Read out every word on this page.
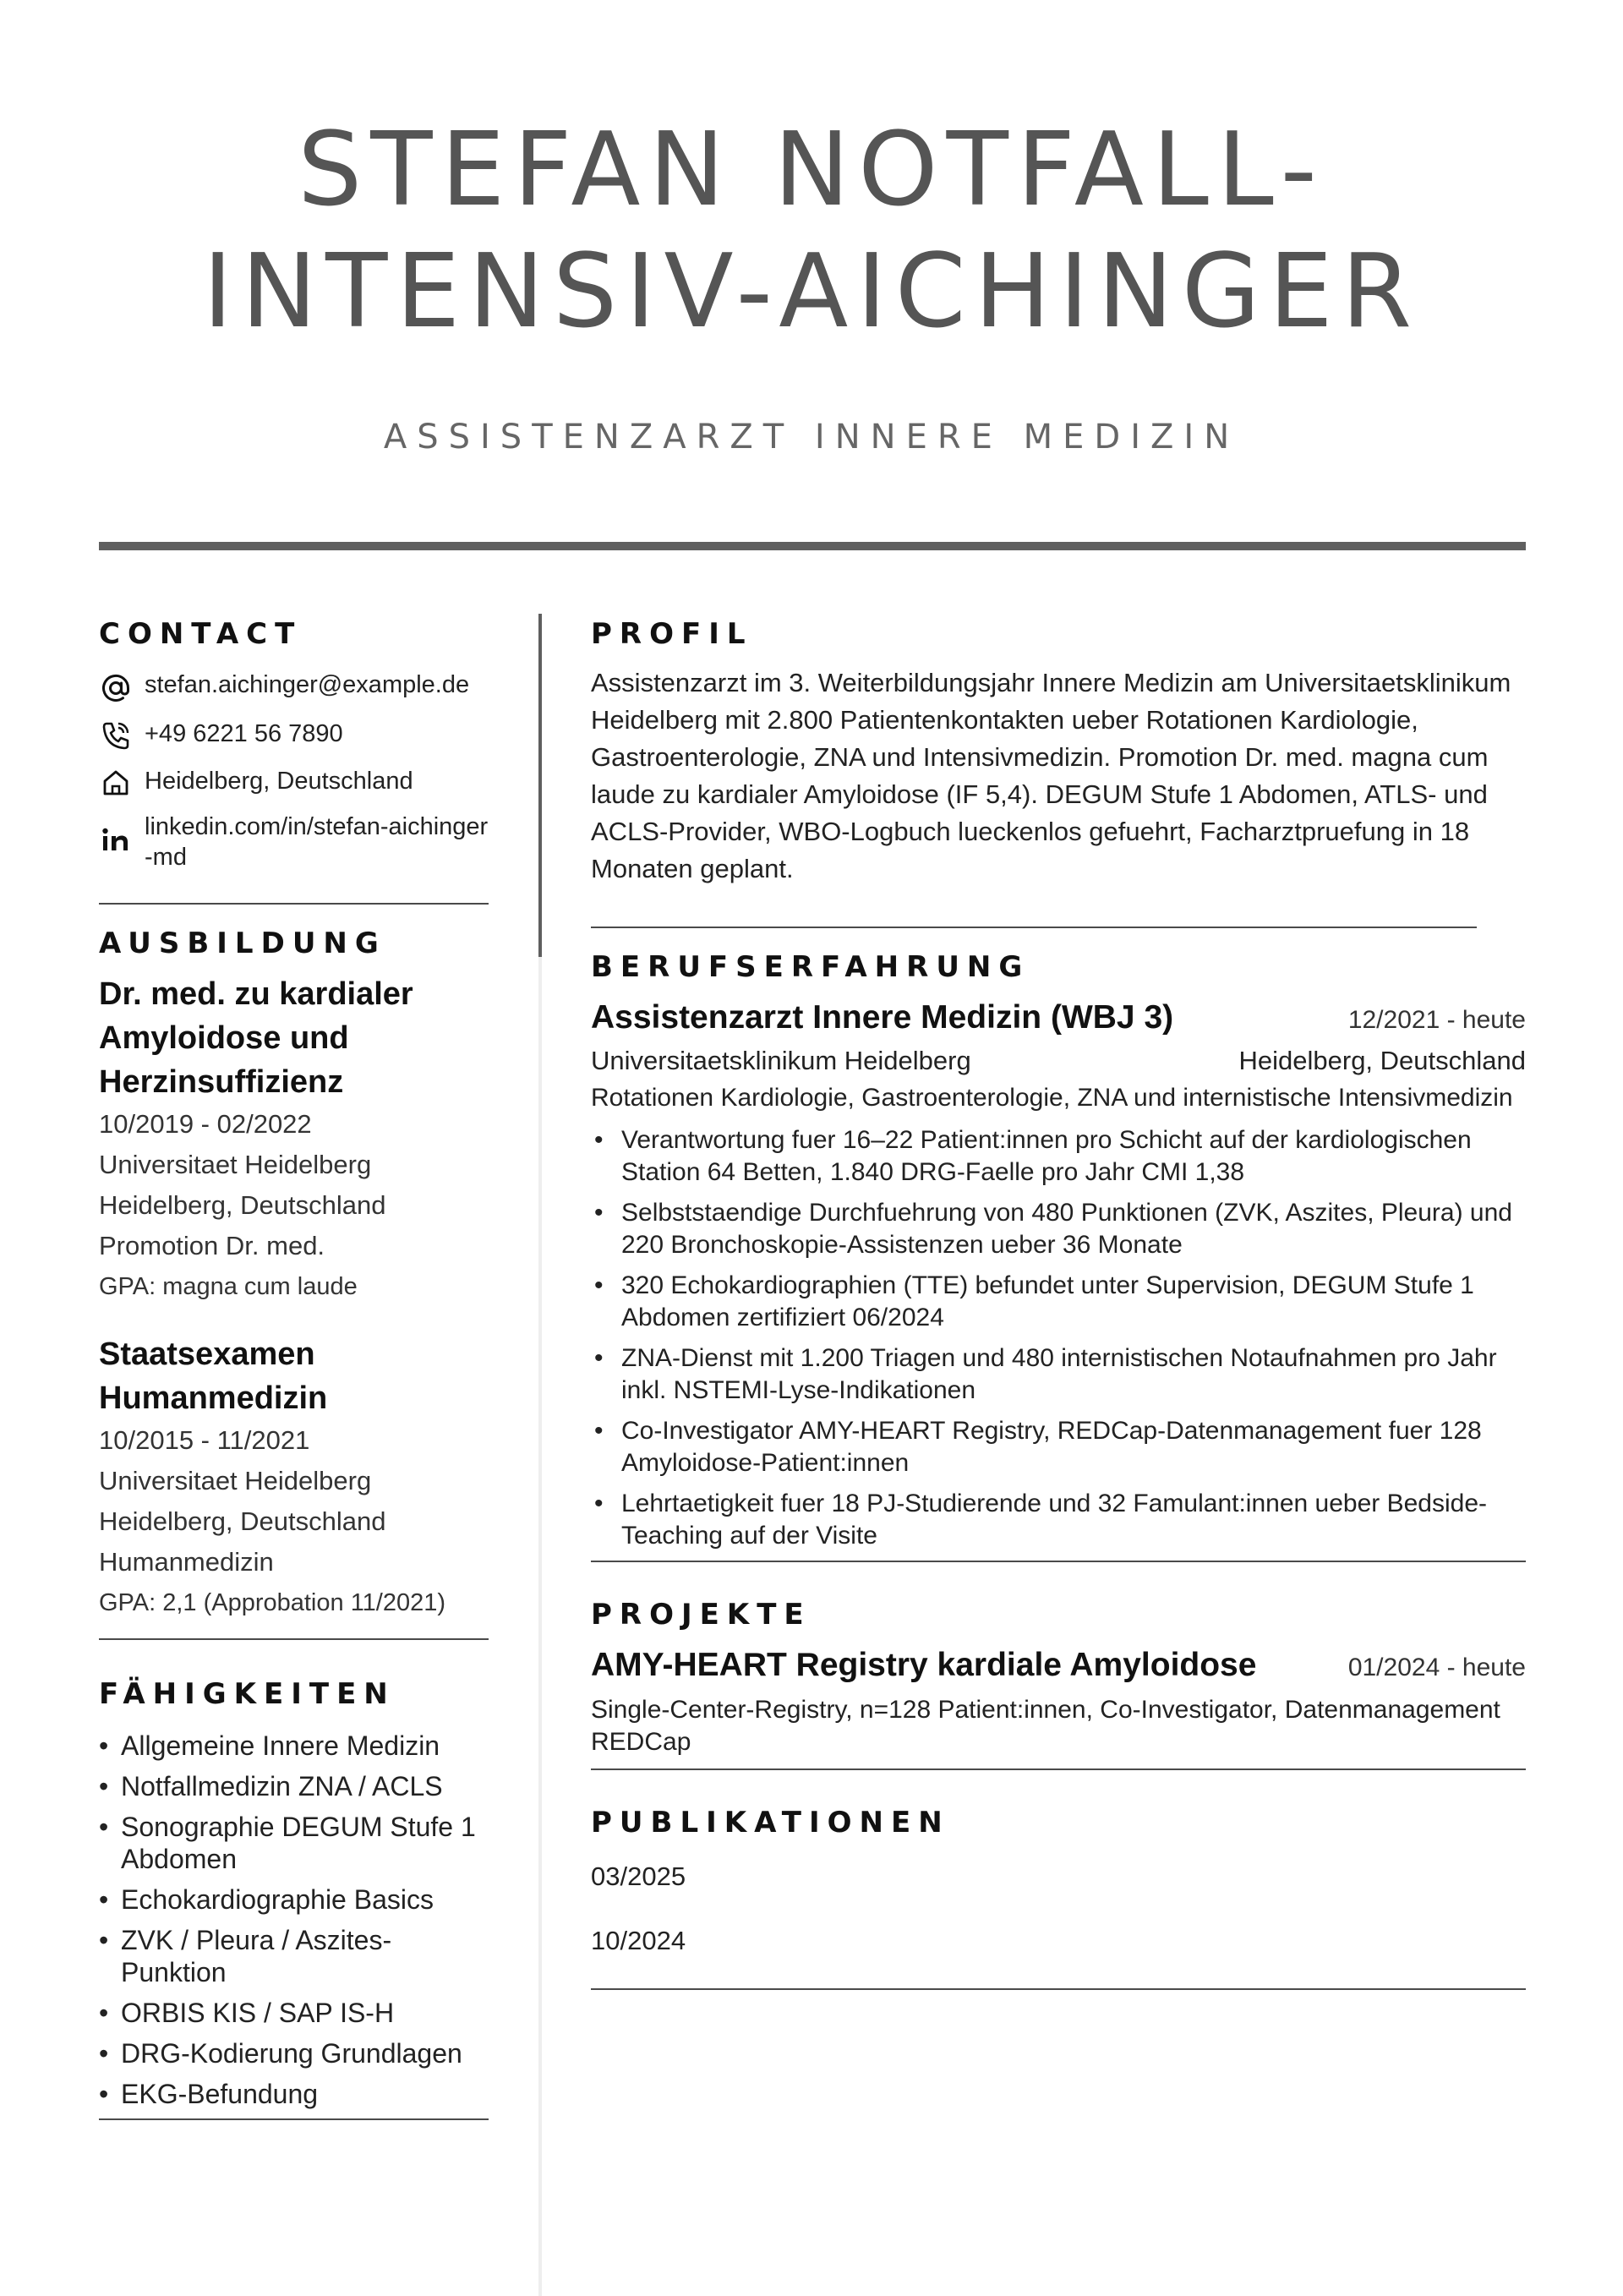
STEFAN NOTFALL-
INTENSIV-AICHINGER
ASSISTENZARZT INNERE MEDIZIN
CONTACT
stefan.aichinger@example.de
+49 6221 56 7890
Heidelberg, Deutschland
linkedin.com/in/stefan-aichinger-md
AUSBILDUNG
Dr. med. zu kardialer Amyloidose und Herzinsuffizienz
10/2019 - 02/2022
Universitaet Heidelberg
Heidelberg, Deutschland
Promotion Dr. med.
GPA: magna cum laude
Staatsexamen Humanmedizin
10/2015 - 11/2021
Universitaet Heidelberg
Heidelberg, Deutschland
Humanmedizin
GPA: 2,1 (Approbation 11/2021)
FÄHIGKEITEN
• Allgemeine Innere Medizin
• Notfallmedizin ZNA / ACLS
• Sonographie DEGUM Stufe 1 Abdomen
• Echokardiographie Basics
• ZVK / Pleura / Aszites-Punktion
• ORBIS KIS / SAP IS-H
• DRG-Kodierung Grundlagen
• EKG-Befundung
PROFIL

Assistenzarzt im 3. Weiterbildungsjahr Innere Medizin am Universitaetsklinikum Heidelberg mit 2.800 Patientenkontakten ueber Rotationen Kardiologie, Gastroenterologie, ZNA und Intensivmedizin. Promotion Dr. med. magna cum laude zu kardialer Amyloidose (IF 5,4). DEGUM Stufe 1 Abdomen, ATLS- und ACLS-Provider, WBO-Logbuch lueckenlos gefuehrt, Facharztpruefung in 18 Monaten geplant.

BERUFSERFAHRUNG
Assistenzarzt Innere Medizin (WBJ 3)	12/2021 - heute
Universitaetsklinikum Heidelberg	Heidelberg, Deutschland

Rotationen Kardiologie, Gastroenterologie, ZNA und internistische Intensivmedizin

• Verantwortung fuer 16–22 Patient:innen pro Schicht auf der kardiologischen Station 64 Betten, 1.840 DRG-Faelle pro Jahr CMI 1,38
• Selbststaendige Durchfuehrung von 480 Punktionen (ZVK, Aszites, Pleura) und 220 Bronchoskopie-Assistenzen ueber 36 Monate
• 320 Echokardiographien (TTE) befundet unter Supervision, DEGUM Stufe 1 Abdomen zertifiziert 06/2024
• ZNA-Dienst mit 1.200 Triagen und 480 internistischen Notaufnahmen pro Jahr inkl. NSTEMI-Lyse-Indikationen
• Co-Investigator AMY-HEART Registry, REDCap-Datenmanagement fuer 128 Amyloidose-Patient:innen
• Lehrtaetigkeit fuer 18 PJ-Studierende und 32 Famulant:innen ueber Bedside-Teaching auf der Visite
PROJEKTE
AMY-HEART Registry kardiale Amyloidose	01/2024 - heute

Single-Center-Registry, n=128 Patient:innen, Co-Investigator, Datenmanagement REDCap

PUBLIKATIONEN
03/2025
10/2024
